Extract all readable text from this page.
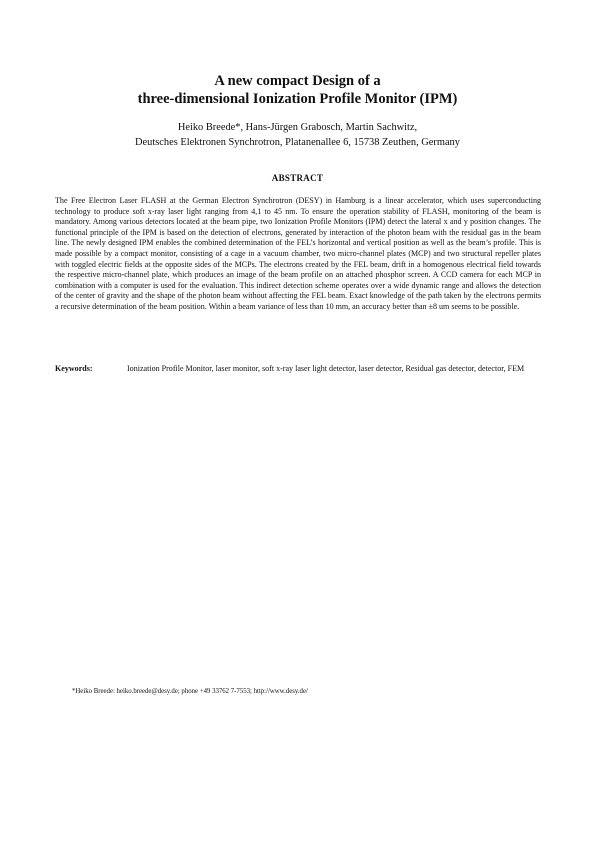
A new compact Design of a
three-dimensional Ionization Profile Monitor (IPM)
Heiko Breede*, Hans-Jürgen Grabosch, Martin Sachwitz,
Deutsches Elektronen Synchrotron, Platanenallee 6, 15738 Zeuthen, Germany
ABSTRACT
The Free Electron Laser FLASH at the German Electron Synchrotron (DESY) in Hamburg is a linear accelerator, which uses superconducting technology to produce soft x-ray laser light ranging from 4,1 to 45 nm. To ensure the operation stability of FLASH, monitoring of the beam is mandatory. Among various detectors located at the beam pipe, two Ionization Profile Monitors (IPM) detect the lateral x and y position changes. The functional principle of the IPM is based on the detection of electrons, generated by interaction of the photon beam with the residual gas in the beam line. The newly designed IPM enables the combined determination of the FEL’s horizontal and vertical position as well as the beam’s profile. This is made possible by a compact monitor, consisting of a cage in a vacuum chamber, two micro-channel plates (MCP) and two structural repeller plates with toggled electric fields at the opposite sides of the MCPs. The electrons created by the FEL beam, drift in a homogenous electrical field towards the respective micro-channel plate, which produces an image of the beam profile on an attached phosphor screen. A CCD camera for each MCP in combination with a computer is used for the evaluation. This indirect detection scheme operates over a wide dynamic range and allows the detection of the center of gravity and the shape of the photon beam without affecting the FEL beam. Exact knowledge of the path taken by the electrons permits a recursive determination of the beam position. Within a beam variance of less than 10 mm, an accuracy better than ±8 um seems to be possible.
Keywords:	Ionization Profile Monitor, laser monitor, soft x-ray laser light detector, laser detector, Residual gas detector, detector, FEM
*Heiko Breede: heiko.breede@desy.de; phone +49 33762 7-7553; http://www.desy.de/
